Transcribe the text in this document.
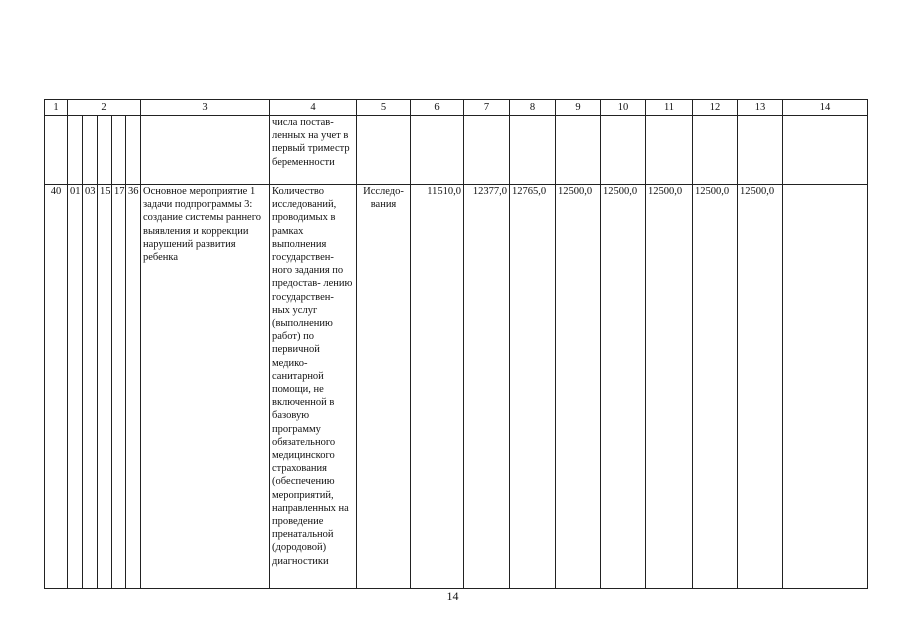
1	2					3	4	5	6	7	8	9	10	11	12	13	14
							числа постав- ленных на учет в первый триместр беременности										
40	01	03	15	17	36	Основное мероприятие 1 задачи подпрограммы 3: создание системы раннего выявления и коррекции нарушений развития ребенка	Количество исследований, проводимых в рамках выполнения государствен- ного задания по предостав- лению государствен- ных услуг (выполнению работ) по первичной медико- санитарной помощи, не включенной в базовую программу обязательного медицинского страхования (обеспечению мероприятий, направленных на проведение пренатальной (дородовой) диагностики	Исследо- вания	11510,0	12377,0	12765,0	12500,0	12500,0	12500,0	12500,0	12500,0	
14
